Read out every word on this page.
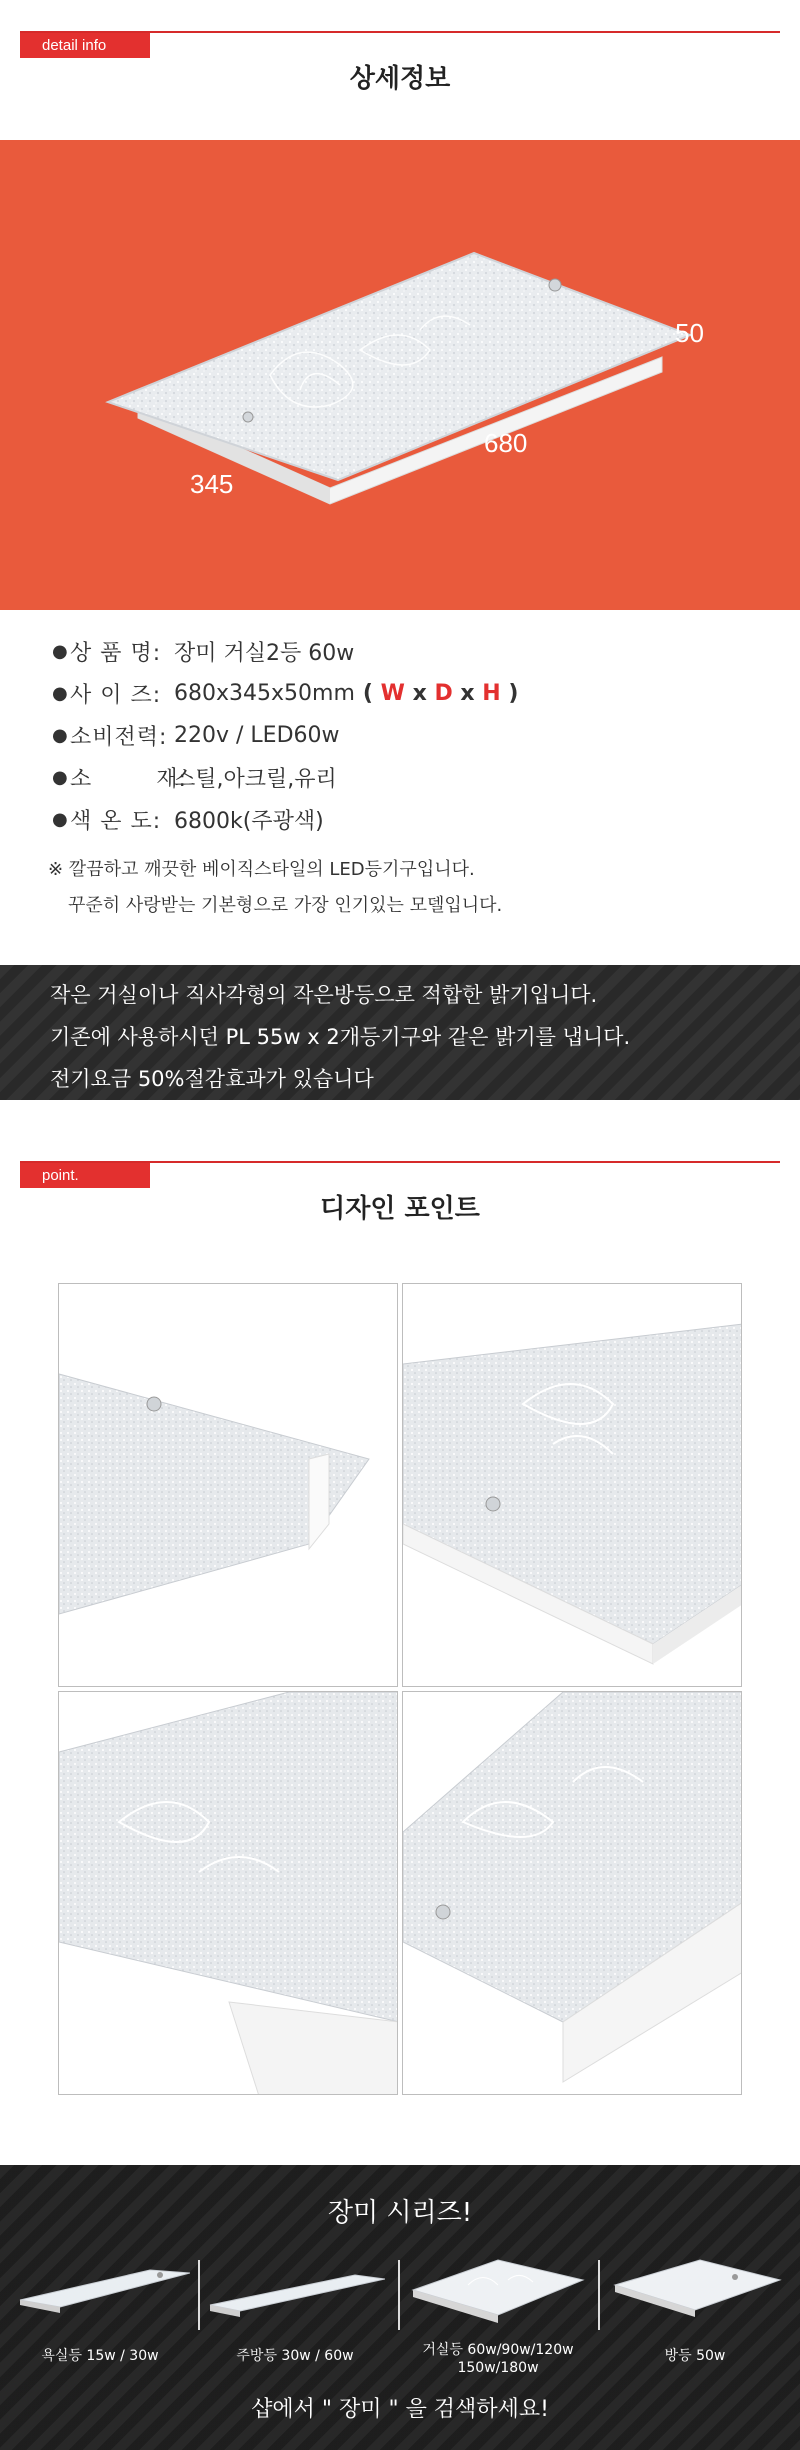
detail info
상세정보
50
680
345
● 상 품 명: 장미 거실2등 60w
● 사 이 즈: 680x345x50mm ( W x D x H )
● 소비전력: 220v / LED60w
● 소        재:
스틸,아크릴,유리
● 색 온 도: 6800k(주광색)
※ 깔끔하고 깨끗한 베이직스타일의 LED등기구입니다.
꾸준히 사랑받는 기본형으로 가장 인기있는 모델입니다.
작은 거실이나 직사각형의 작은방등으로 적합한 밝기입니다.
기존에 사용하시던 PL 55w x 2개등기구와 같은 밝기를 냅니다.
전기요금 50%절감효과가 있습니다
point.
디자인 포인트
장미 시리즈!
욕실등 15w / 30w	주방등 30w / 60w	거실등 60w/90w/120w
150w/180w
방등 50w
샵에서 " 장미 " 을 검색하세요!
